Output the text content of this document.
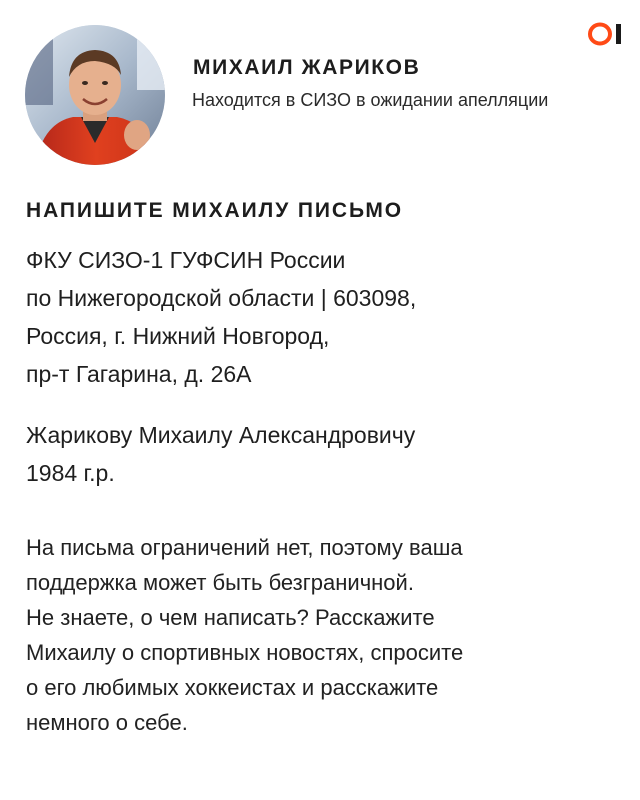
МИХАИЛ ЖАРИКОВ
Находится в СИЗО в ожидании апелляции
НАПИШИТЕ МИХАИЛУ ПИСЬМО
ФКУ СИЗО-1 ГУФСИН России
по Нижегородской области | 603098,
Россия, г. Нижний Новгород,
пр-т Гагарина, д. 26А
Жарикову Михаилу Александровичу
1984 г.р.
На письма ограничений нет, поэтому ваша
поддержка может быть безграничной.
Не знаете, о чем написать? Расскажите
Михаилу о спортивных новостях, спросите
о его любимых хоккеистах и расскажите
немного о себе.
